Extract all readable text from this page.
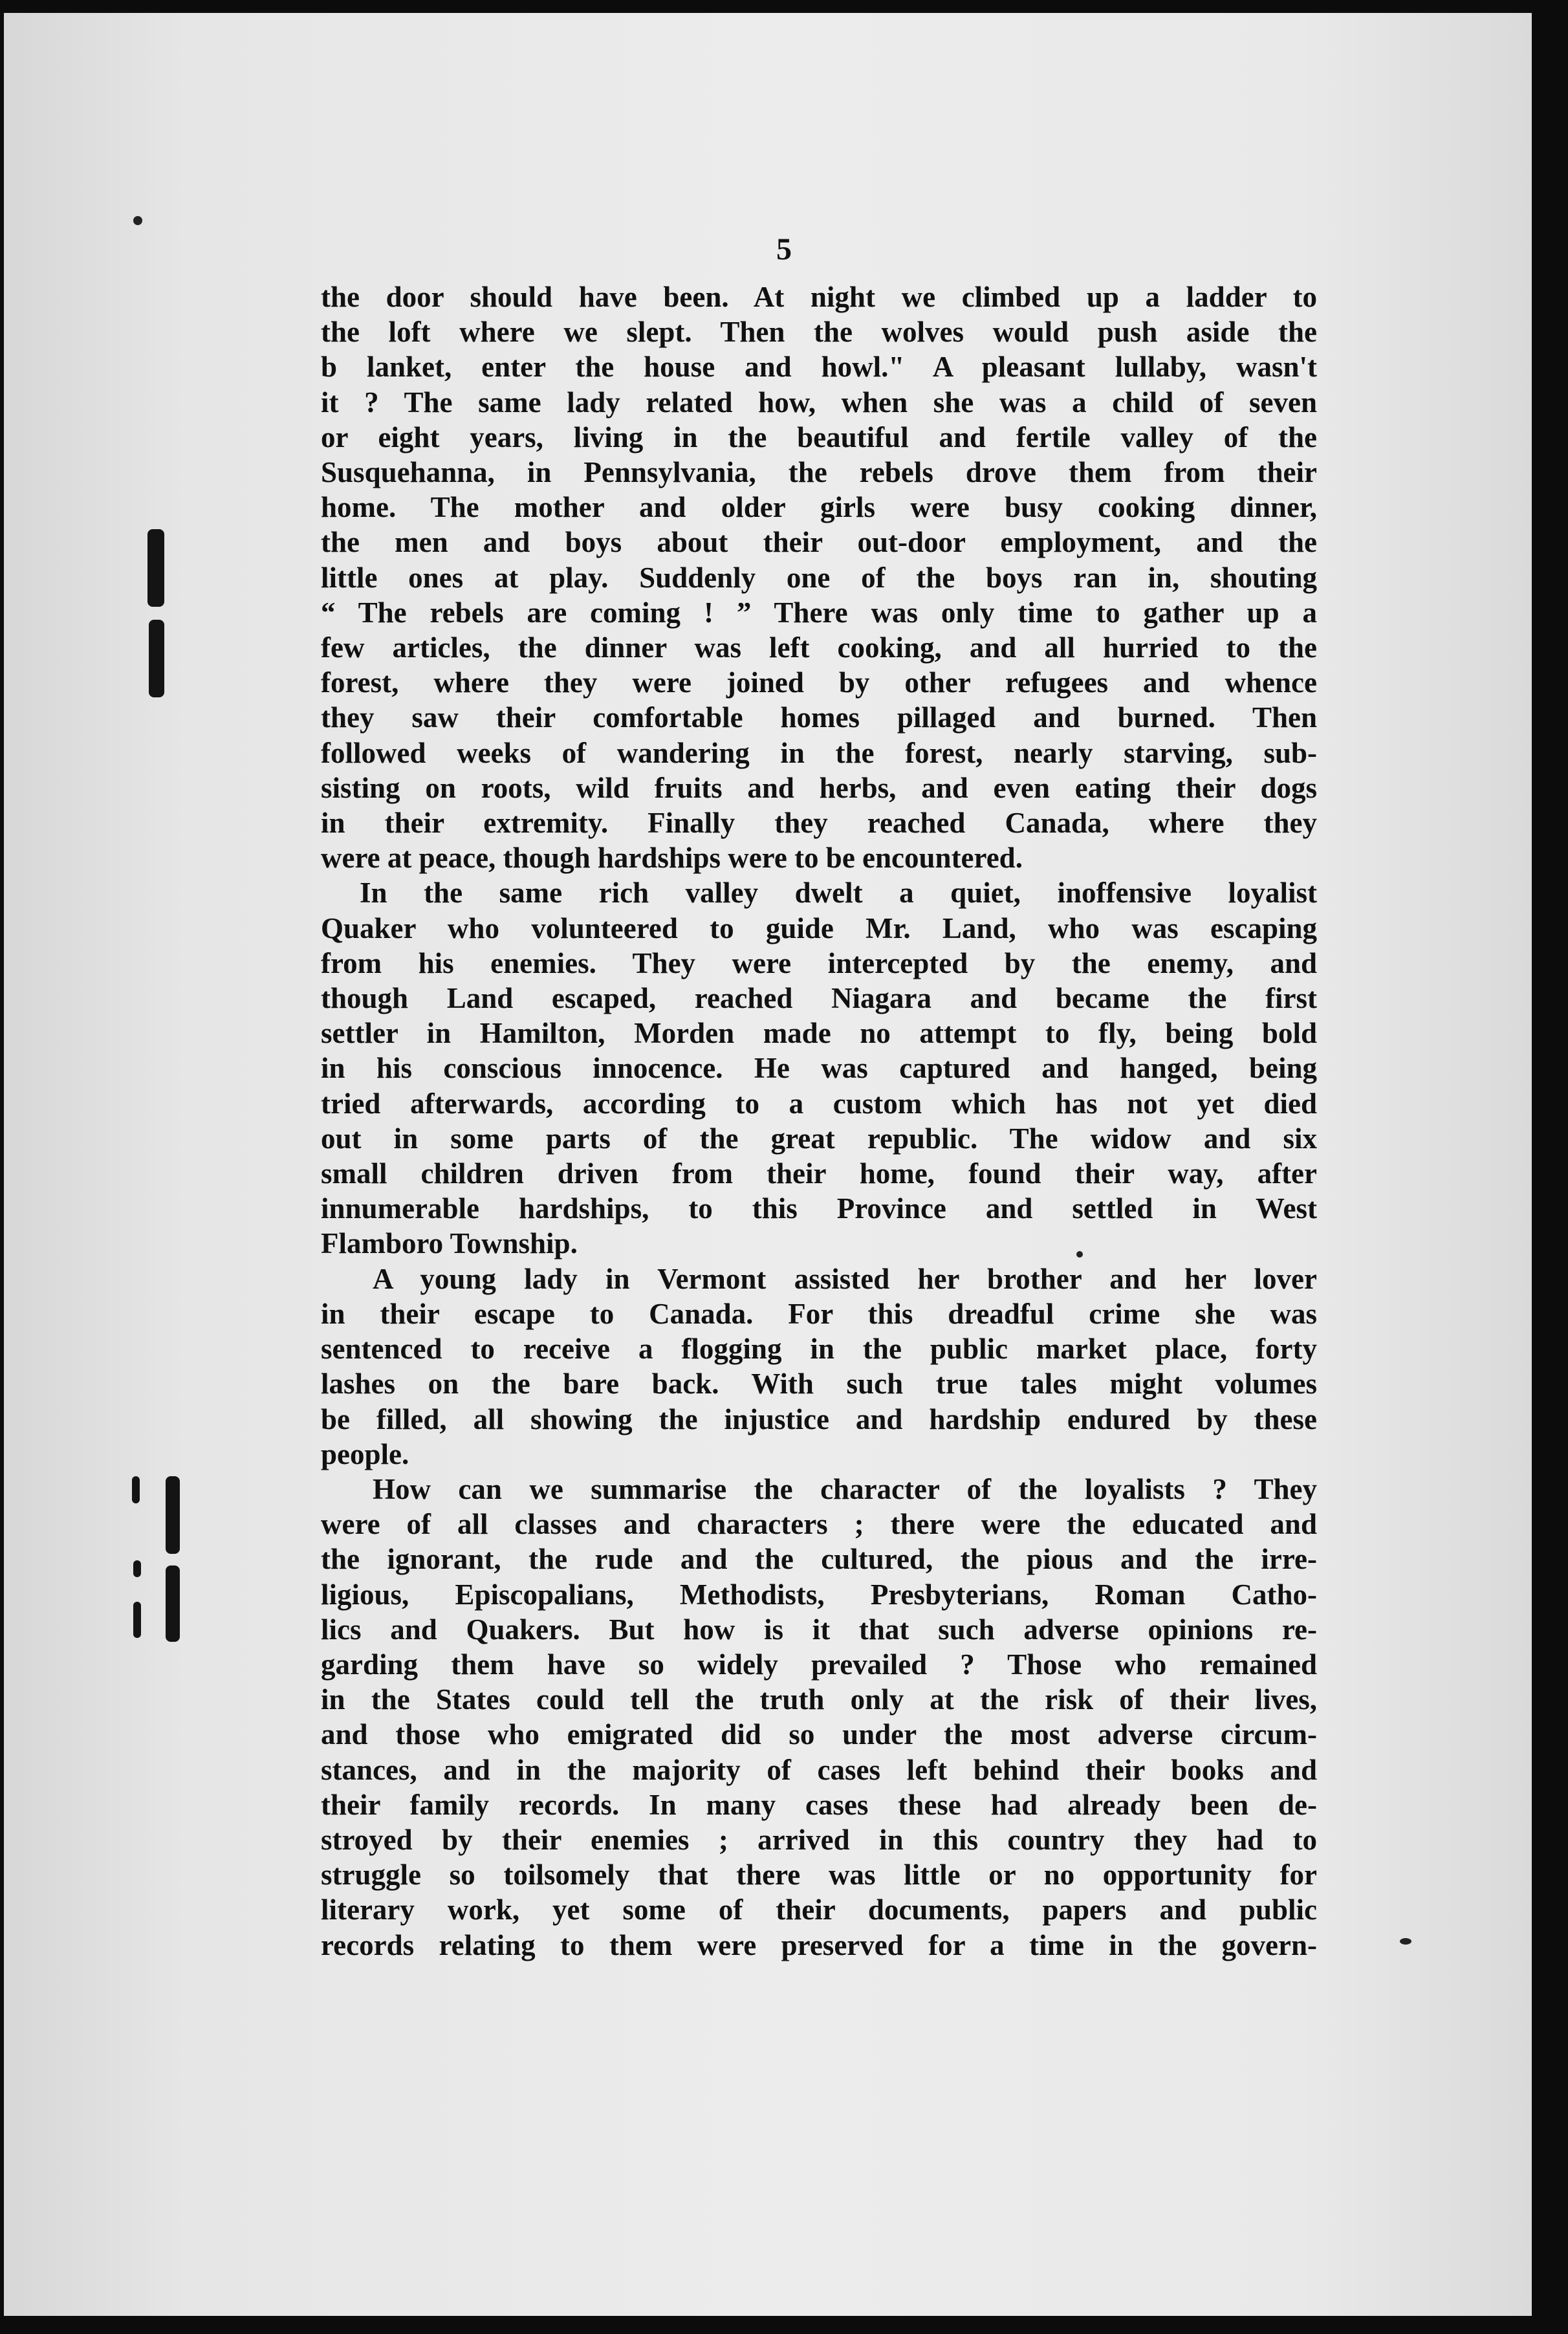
5

the door should have been. At night we climbed up a ladder to
the loft where we slept. Then the wolves would push aside the
b lanket, enter the house and howl." A pleasant lullaby, wasn't
it ? The same lady related how, when she was a child of seven
or eight years, living in the beautiful and fertile valley of the
Susquehanna, in Pennsylvania, the rebels drove them from their
home. The mother and older girls were busy cooking dinner,
the men and boys about their out-door employment, and the
little ones at play. Suddenly one of the boys ran in, shouting
“ The rebels are coming ! ” There was only time to gather up a
few articles, the dinner was left cooking, and all hurried to the
forest, where they were joined by other refugees and whence
they saw their comfortable homes pillaged and burned. Then
followed weeks of wandering in the forest, nearly starving, sub-
sisting on roots, wild fruits and herbs, and even eating their dogs
in their extremity. Finally they reached Canada, where they
were at peace, though hardships were to be encountered.

In the same rich valley dwelt a quiet, inoffensive loyalist
Quaker who volunteered to guide Mr. Land, who was escaping
from his enemies. They were intercepted by the enemy, and
though Land escaped, reached Niagara and became the first
settler in Hamilton, Morden made no attempt to fly, being bold
in his conscious innocence. He was captured and hanged, being
tried afterwards, according to a custom which has not yet died
out in some parts of the great republic. The widow and six
small children driven from their home, found their way, after
innumerable hardships, to this Province and settled in West
Flamboro Township.

A young lady in Vermont assisted her brother and her lover
in their escape to Canada. For this dreadful crime she was
sentenced to receive a flogging in the public market place, forty
lashes on the bare back. With such true tales might volumes
be filled, all showing the injustice and hardship endured by these
people.

How can we summarise the character of the loyalists ? They
were of all classes and characters ; there were the educated and
the ignorant, the rude and the cultured, the pious and the irre-
ligious, Episcopalians, Methodists, Presbyterians, Roman Catho-
lics and Quakers. But how is it that such adverse opinions re-
garding them have so widely prevailed ? Those who remained
in the States could tell the truth only at the risk of their lives,
and those who emigrated did so under the most adverse circum-
stances, and in the majority of cases left behind their books and
their family records. In many cases these had already been de-
stroyed by their enemies ; arrived in this country they had to
struggle so toilsomely that there was little or no opportunity for
literary work, yet some of their documents, papers and public
records relating to them were preserved for a time in the govern-
